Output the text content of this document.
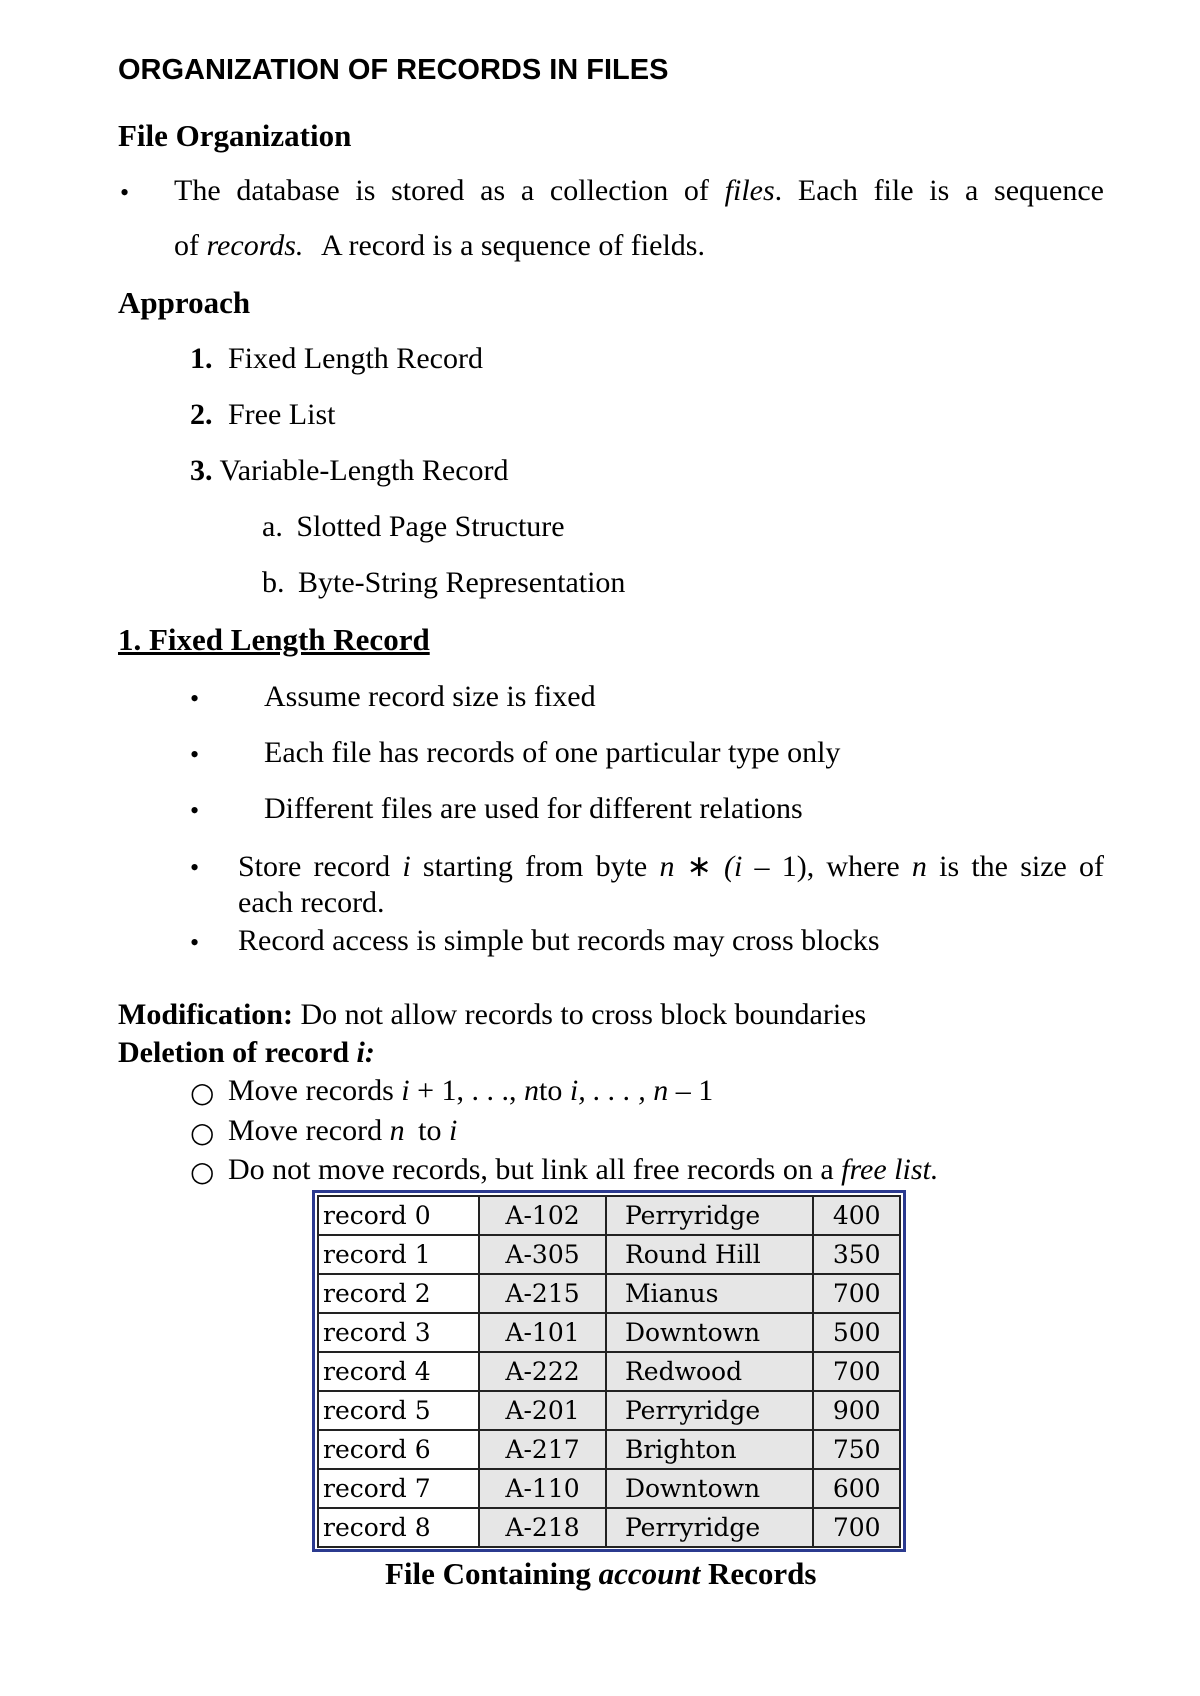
ORGANIZATION OF RECORDS IN FILES
File Organization
• The database is stored as a collection of files. Each file is a sequence
of records. A record is a sequence of fields.
Approach
1. Fixed Length Record
2. Free List
3. Variable-Length Record
a. Slotted Page Structure
b. Byte-String Representation
1. Fixed Length Record
• Assume record size is fixed
• Each file has records of one particular type only
• Different files are used for different relations
• Store record i starting from byte n ∗ (i – 1), where n is the size of
each record.
• Record access is simple but records may cross blocks
Modification: Do not allow records to cross block boundaries
Deletion of record i:
○ Move records i + 1, . . ., nto i, . . . , n – 1
○ Move record n to i
○ Do not move records, but link all free records on a free list.
record 0	A-102	Perryridge	400
record 1	A-305	Round Hill	350
record 2	A-215	Mianus	700
record 3	A-101	Downtown	500
record 4	A-222	Redwood	700
record 5	A-201	Perryridge	900
record 6	A-217	Brighton	750
record 7	A-110	Downtown	600
record 8	A-218	Perryridge	700
File Containing account Records
